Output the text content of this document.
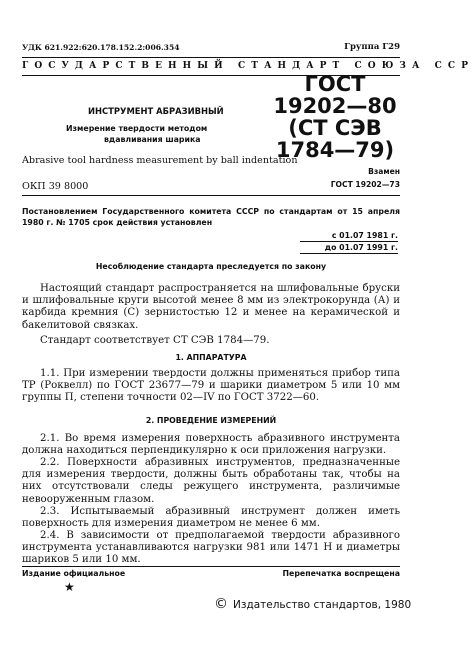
УДК 621.922:620.178.152.2:006.354	Группа Г29
ГОСУДАРСТВЕННЫЙ СТАНДАРТ СОЮЗА ССР
ГОСТ
19202—80
(СТ СЭВ
1784—79)
ИНСТРУМЕНТ АБРАЗИВНЫЙ
Измерение твердости методом
вдавливания шарика
Abrasive tool hardness measurement by ball indentation
Взамен
ОКП 39 8000	ГОСТ 19202—73

Постановлением Государственного комитета СССР по стандартам от 15 апреля 1980 г. № 1705 срок действия установлен

с 01.07 1981 г.
до 01.07 1991 г.
Несоблюдение стандарта преследуется по закону

Настоящий стандарт распространяется на шлифовальные бруски и шлифовальные круги высотой менее 8 мм из электрокорунда (А) и карбида кремния (С) зернистостью 12 и менее на керамической и бакелитовой связках.

Стандарт соответствует СТ СЭВ 1784—79.

1. АППАРАТУРА

1.1. При измерении твердости должны применяться прибор типа ТР (Роквелл) по ГОСТ 23677—79 и шарики диаметром 5 или 10 мм группы П, степени точности 02—IV по ГОСТ 3722—60.

2. ПРОВЕДЕНИЕ ИЗМЕРЕНИЙ

2.1. Во время измерения поверхность абразивного инструмента должна находиться перпендикулярно к оси приложения нагрузки.

2.2. Поверхности абразивных инструментов, предназначенные для измерения твердости, должны быть обработаны так, чтобы на них отсутствовали следы режущего инструмента, различимые невооруженным глазом.

2.3. Испытываемый абразивный инструмент должен иметь поверхность для измерения диаметром не менее 6 мм.

2.4. В зависимости от предполагаемой твердости абразивного инструмента устанавливаются нагрузки 981 или 1471 Н и диаметры шариков 5 или 10 мм.

Издание официальное	Перепечатка воспрещена
★
© Издательство стандартов, 1980
